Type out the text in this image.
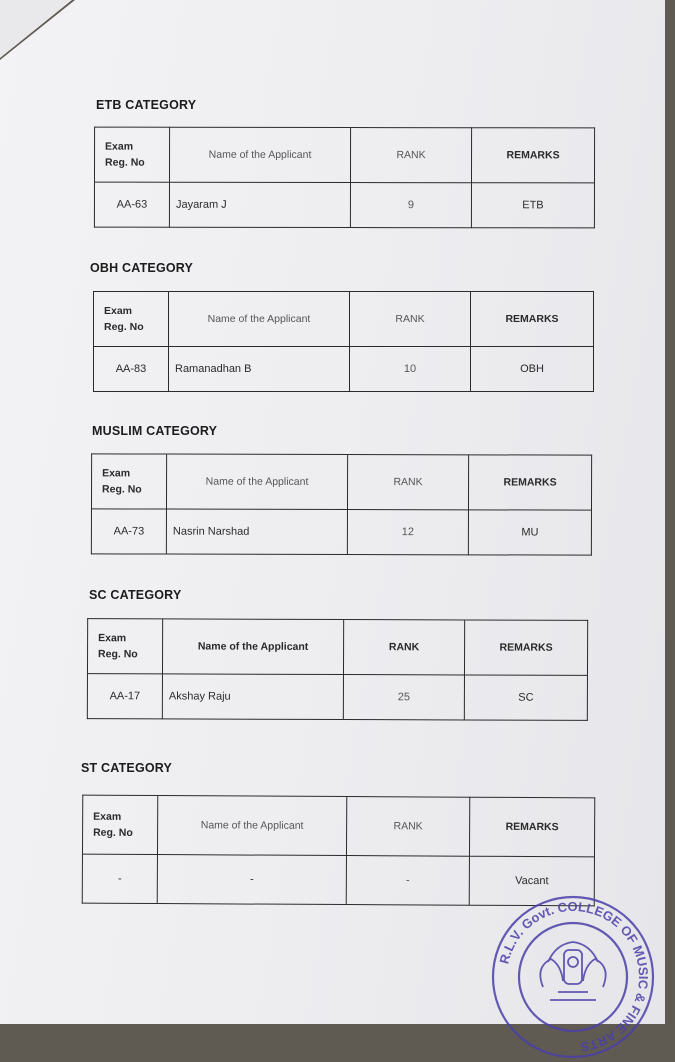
ETB CATEGORY
Exam
Reg. No	Name of the Applicant	RANK	REMARKS
AA-63	Jayaram J	9	ETB
OBH CATEGORY
Exam
Reg. No	Name of the Applicant	RANK	REMARKS
AA-83	Ramanadhan B	10	OBH
MUSLIM CATEGORY
Exam
Reg. No	Name of the Applicant	RANK	REMARKS
AA-73	Nasrin Narshad	12	MU
SC CATEGORY
Exam
Reg. No	Name of the Applicant	RANK	REMARKS
AA-17	Akshay Raju	25	SC
ST CATEGORY
Exam
Reg. No	Name of the Applicant	RANK	REMARKS
-	-	-	Vacant
R.L.V. Govt. COLLEGE OF MUSIC & FINE ARTS
